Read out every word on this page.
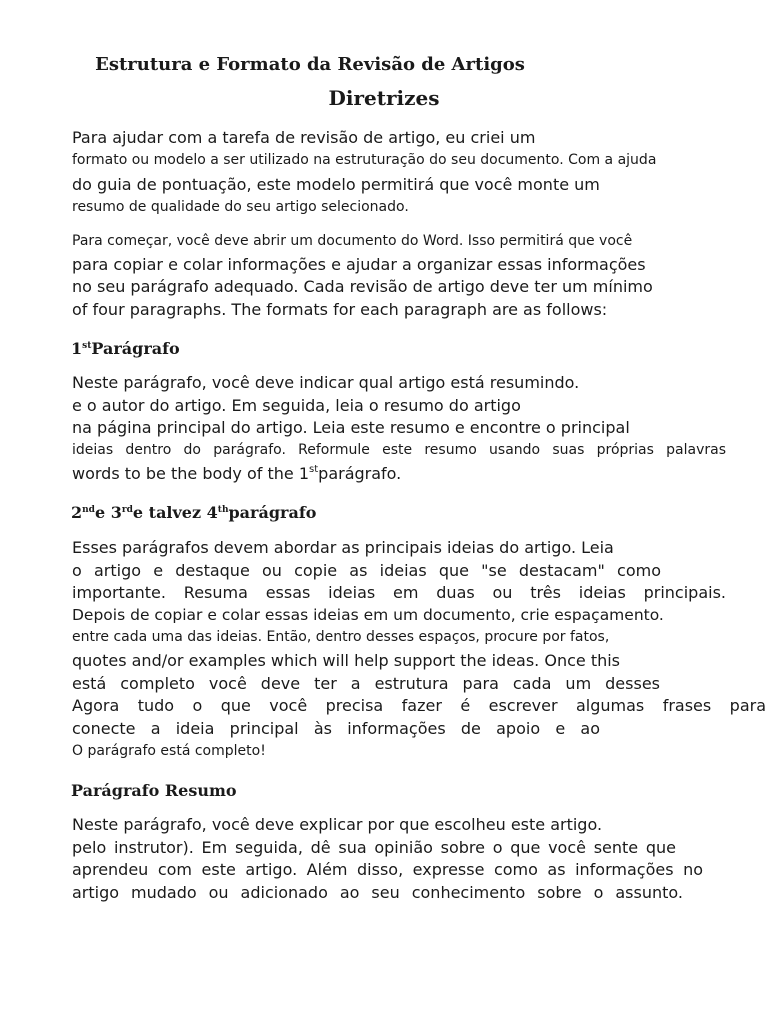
Estrutura e Formato da Revisão de Artigos
Diretrizes
Para ajudar com a tarefa de revisão de artigo, eu criei um
formato ou modelo a ser utilizado na estruturação do seu documento. Com a ajuda
do guia de pontuação, este modelo permitirá que você monte um
resumo de qualidade do seu artigo selecionado.
Para começar, você deve abrir um documento do Word. Isso permitirá que você
para copiar e colar informações e ajudar a organizar essas informações
no seu parágrafo adequado. Cada revisão de artigo deve ter um mínimo
of four paragraphs. The formats for each paragraph are as follows:
1stParágrafo
Neste parágrafo, você deve indicar qual artigo está resumindo.
e o autor do artigo. Em seguida, leia o resumo do artigo
na página principal do artigo. Leia este resumo e encontre o principal
ideias dentro do parágrafo. Reformule este resumo usando suas próprias palavras
words to be the body of the 1stparágrafo.
2nde 3rde talvez 4thparágrafo
Esses parágrafos devem abordar as principais ideias do artigo. Leia
o artigo e destaque ou copie as ideias que "se destacam" como
importante. Resuma essas ideias em duas ou três ideias principais.
Depois de copiar e colar essas ideias em um documento, crie espaçamento.
entre cada uma das ideias. Então, dentro desses espaços, procure por fatos,
quotes and/or examples which will help support the ideas. Once this
está completo você deve ter a estrutura para cada um desses
Agora tudo o que você precisa fazer é escrever algumas frases para
conecte a ideia principal às informações de apoio e ao
O parágrafo está completo!
Parágrafo Resumo
Neste parágrafo, você deve explicar por que escolheu este artigo.
pelo instrutor). Em seguida, dê sua opinião sobre o que você sente que
aprendeu com este artigo. Além disso, expresse como as informações no
artigo mudado ou adicionado ao seu conhecimento sobre o assunto.
